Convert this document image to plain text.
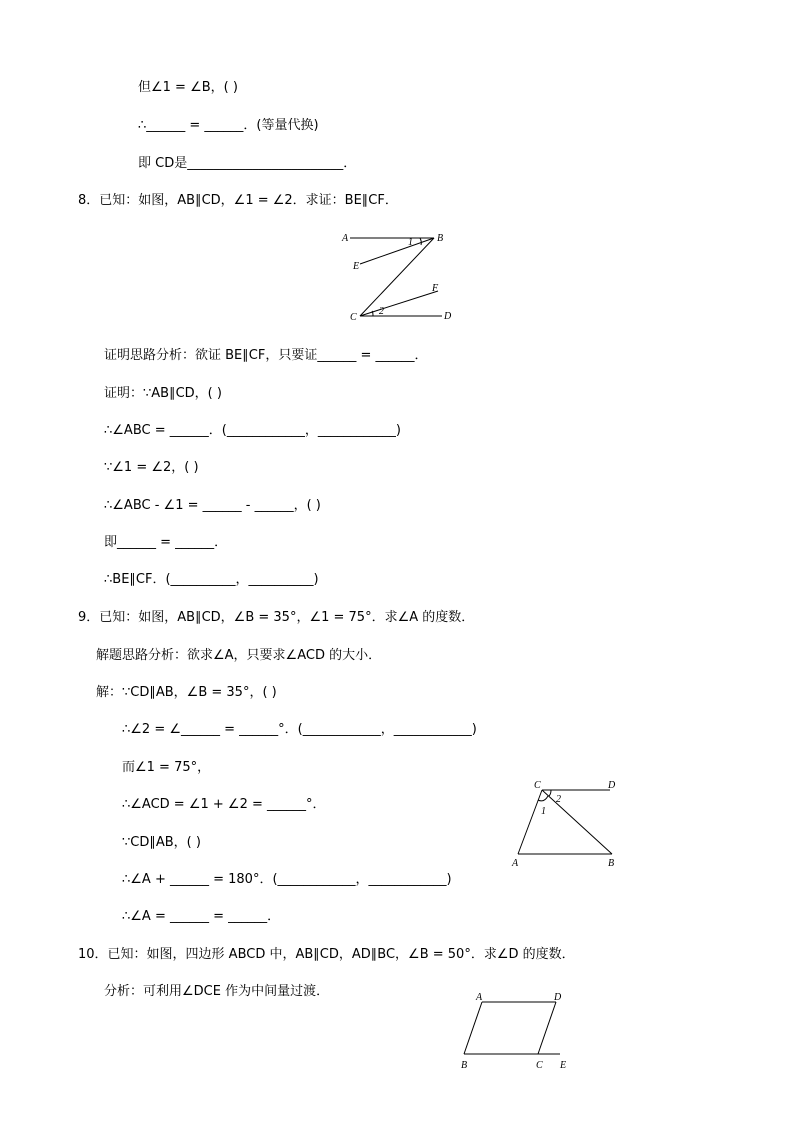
但∠1 = ∠B，( )
∴______ = ______．(等量代换)
即 CD是________________________．
8．已知：如图，AB∥CD，∠1 = ∠2．求证：BE∥CF．
A	B
E
F
C	D
1
2
证明思路分析：欲证 BE∥CF，只要证______ = ______．
证明：∵AB∥CD，( )
∴∠ABC = ______．(____________，____________)
∵∠1 = ∠2，( )
∴∠ABC - ∠1 = ______ - ______，( )
即______ = ______．
∴BE∥CF．(__________，__________)
9．已知：如图，AB∥CD，∠B = 35°，∠1 = 75°．求∠A 的度数．
解题思路分析：欲求∠A，只要求∠ACD 的大小．
解：∵CD∥AB，∠B = 35°，( )
∴∠2 = ∠______ = ______°．(____________，____________)
而∠1 = 75°，
∴∠ACD = ∠1 + ∠2 = ______°．
∵CD∥AB，( )
∴∠A + ______ = 180°．(____________，____________)
∴∠A = ______ = ______．
C	D
A	B
1
2
10．已知：如图，四边形 ABCD 中，AB∥CD，AD∥BC，∠B = 50°．求∠D 的度数．
分析：可利用∠DCE 作为中间量过渡．	A	D
B	C E
